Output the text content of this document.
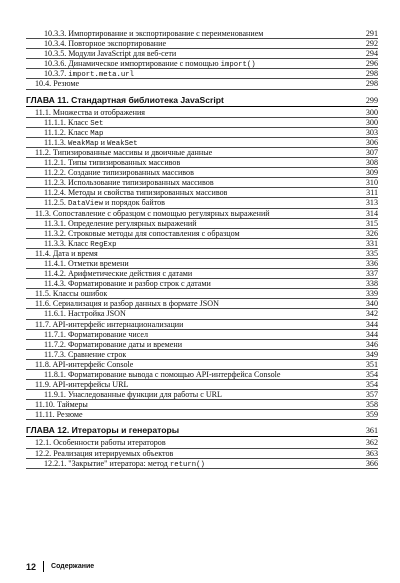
10.3.3. Импортирование и экспортирование с переименованием	291
10.3.4. Повторное экспортирование	292
10.3.5. Модули JavaScript для веб-сети	294
10.3.6. Динамическое импортирование с помощью import()	296
10.3.7. import.meta.url	298
10.4. Резюме	298
ГЛАВА 11. Стандартная библиотека JavaScript	299
11.1. Множества и отображения	300
11.1.1. Класс Set	300
11.1.2. Класс Map	303
11.1.3. WeakMap и WeakSet	306
11.2. Типизированные массивы и двоичные данные	307
11.2.1. Типы типизированных массивов	308
11.2.2. Создание типизированных массивов	309
11.2.3. Использование типизированных массивов	310
11.2.4. Методы и свойства типизированных массивов	311
11.2.5. DataView и порядок байтов	313
11.3. Сопоставление с образцом с помощью регулярных выражений	314
11.3.1. Определение регулярных выражений	315
11.3.2. Строковые методы для сопоставления с образцом	326
11.3.3. Класс RegExp	331
11.4. Дата и время	335
11.4.1. Отметки времени	336
11.4.2. Арифметические действия с датами	337
11.4.3. Форматирование и разбор строк с датами	338
11.5. Классы ошибок	339
11.6. Сериализация и разбор данных в формате JSON	340
11.6.1. Настройка JSON	342
11.7. API-интерфейс интернационализации	344
11.7.1. Форматирование чисел	344
11.7.2. Форматирование даты и времени	346
11.7.3. Сравнение строк	349
11.8. API-интерфейс Console	351
11.8.1. Форматирование вывода с помощью API-интерфейса Console	354
11.9. API-интерфейсы URL	354
11.9.1. Унаследованные функции для работы с URL	357
11.10. Таймеры	358
11.11. Резюме	359
ГЛАВА 12. Итераторы и генераторы	361
12.1. Особенности работы итераторов	362
12.2. Реализация итерируемых объектов	363
12.2.1. "Закрытие" итератора: метод return()	366
12 Содержание
